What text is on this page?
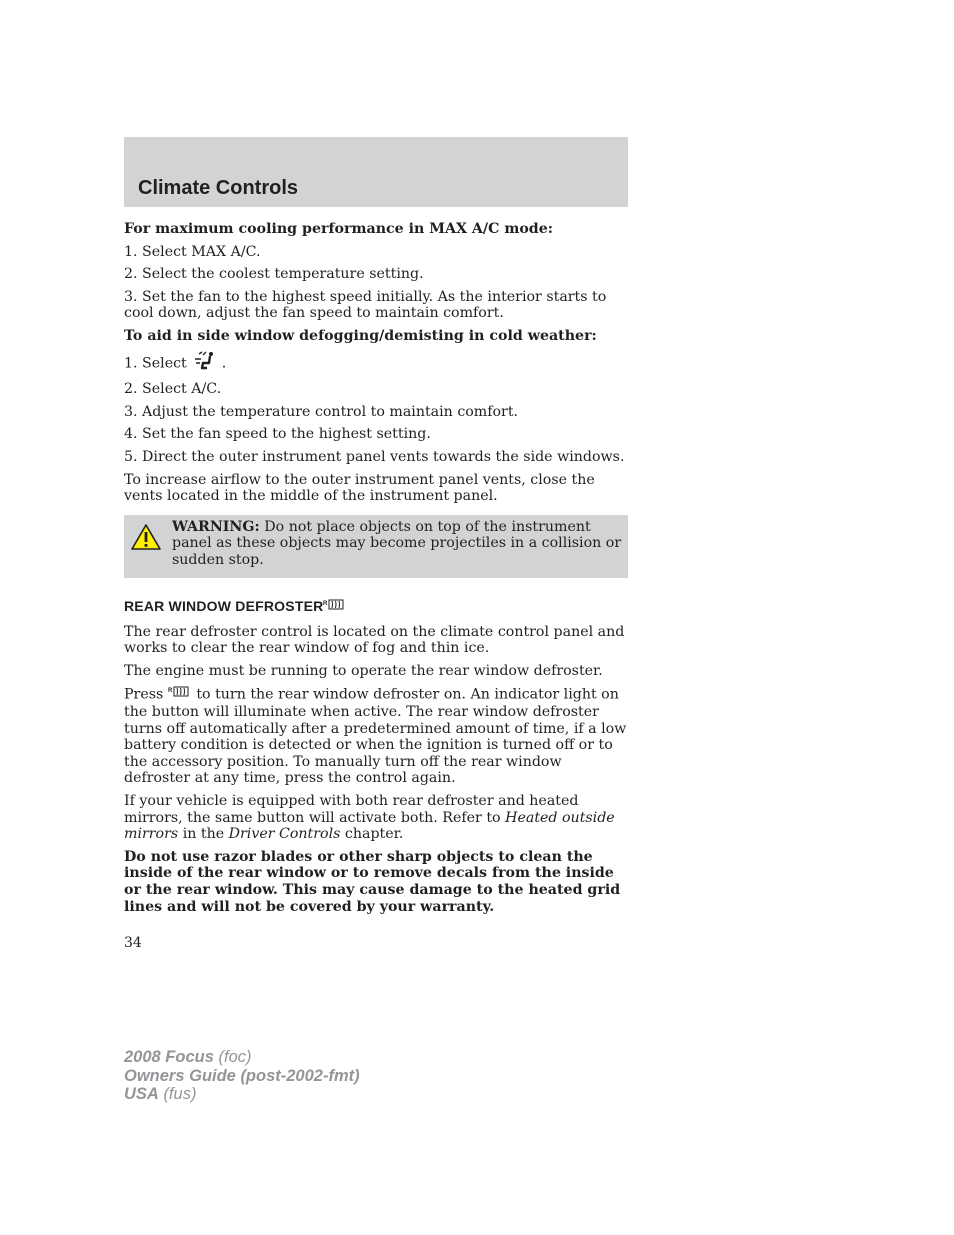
Climate Controls

For maximum cooling performance in MAX A/C mode:

1. Select MAX A/C.

2. Select the coolest temperature setting.

3. Set the fan to the highest speed initially. As the interior starts to cool down, adjust the fan speed to maintain comfort.

To aid in side window defogging/demisting in cold weather:

1. Select .

2. Select A/C.

3. Adjust the temperature control to maintain comfort.

4. Set the fan speed to the highest setting.

5. Direct the outer instrument panel vents towards the side windows.

To increase airflow to the outer instrument panel vents, close the vents located in the middle of the instrument panel.

WARNING: Do not place objects on top of the instrument panel as these objects may become projectiles in a collision or sudden stop.
REAR WINDOW DEFROSTER R

The rear defroster control is located on the climate control panel and works to clear the rear window of fog and thin ice.

The engine must be running to operate the rear window defroster.

Press R to turn the rear window defroster on. An indicator light on the button will illuminate when active. The rear window defroster turns off automatically after a predetermined amount of time, if a low battery condition is detected or when the ignition is turned off or to the accessory position. To manually turn off the rear window defroster at any time, press the control again.

If your vehicle is equipped with both rear defroster and heated mirrors, the same button will activate both. Refer to Heated outside mirrors in the Driver Controls chapter.

Do not use razor blades or other sharp objects to clean the inside of the rear window or to remove decals from the inside or the rear window. This may cause damage to the heated grid lines and will not be covered by your warranty.

34
2008 Focus (foc)
Owners Guide (post-2002-fmt)
USA (fus)
